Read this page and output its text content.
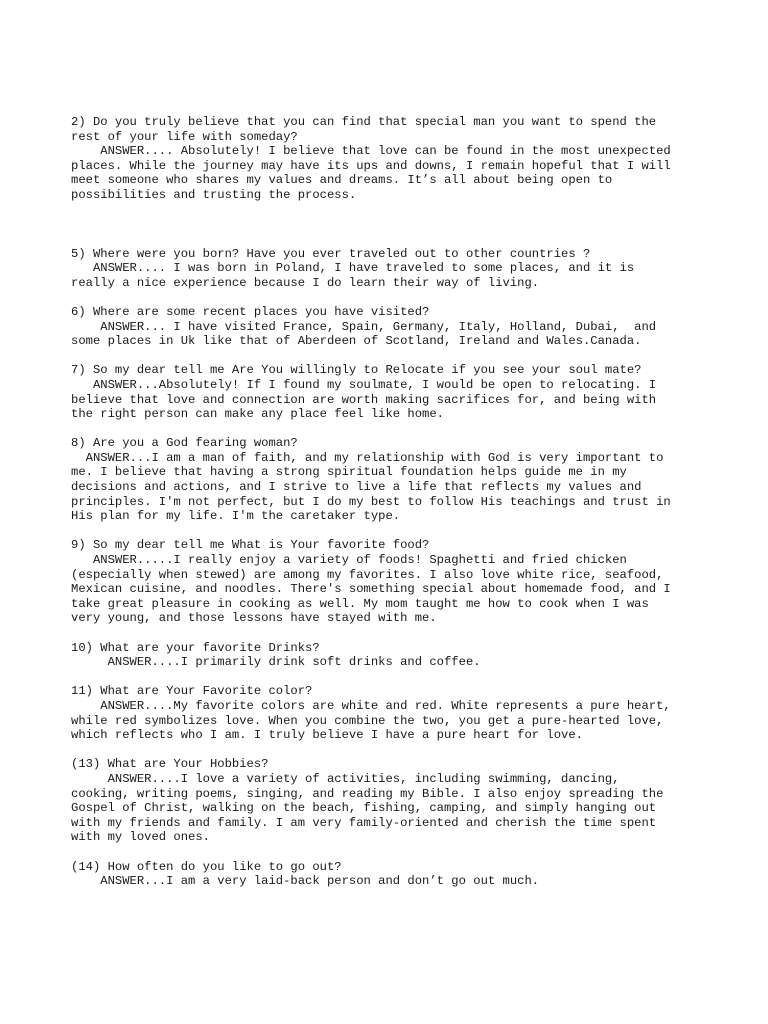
2) Do you truly believe that you can find that special man you want to spend the
rest of your life with someday?
ANSWER.... Absolutely! I believe that love can be found in the most unexpected
places. While the journey may have its ups and downs, I remain hopeful that I will
meet someone who shares my values and dreams. It’s all about being open to
possibilities and trusting the process.
5) Where were you born? Have you ever traveled out to other countries ?
ANSWER.... I was born in Poland, I have traveled to some places, and it is
really a nice experience because I do learn their way of living.
6) Where are some recent places you have visited?
ANSWER... I have visited France, Spain, Germany, Italy, Holland, Dubai,  and
some places in Uk like that of Aberdeen of Scotland, Ireland and Wales.Canada.
7) So my dear tell me Are You willingly to Relocate if you see your soul mate?
ANSWER...Absolutely! If I found my soulmate, I would be open to relocating. I
believe that love and connection are worth making sacrifices for, and being with
the right person can make any place feel like home.
8) Are you a God fearing woman?
ANSWER...I am a man of faith, and my relationship with God is very important to
me. I believe that having a strong spiritual foundation helps guide me in my
decisions and actions, and I strive to live a life that reflects my values and
principles. I'm not perfect, but I do my best to follow His teachings and trust in
His plan for my life. I'm the caretaker type.
9) So my dear tell me What is Your favorite food?
ANSWER.....I really enjoy a variety of foods! Spaghetti and fried chicken
(especially when stewed) are among my favorites. I also love white rice, seafood,
Mexican cuisine, and noodles. There's something special about homemade food, and I
take great pleasure in cooking as well. My mom taught me how to cook when I was
very young, and those lessons have stayed with me.
10) What are your favorite Drinks?
ANSWER....I primarily drink soft drinks and coffee.
11) What are Your Favorite color?
ANSWER....My favorite colors are white and red. White represents a pure heart,
while red symbolizes love. When you combine the two, you get a pure-hearted love,
which reflects who I am. I truly believe I have a pure heart for love.
(13) What are Your Hobbies?
ANSWER....I love a variety of activities, including swimming, dancing,
cooking, writing poems, singing, and reading my Bible. I also enjoy spreading the
Gospel of Christ, walking on the beach, fishing, camping, and simply hanging out
with my friends and family. I am very family-oriented and cherish the time spent
with my loved ones.
(14) How often do you like to go out?
ANSWER...I am a very laid-back person and don’t go out much.
